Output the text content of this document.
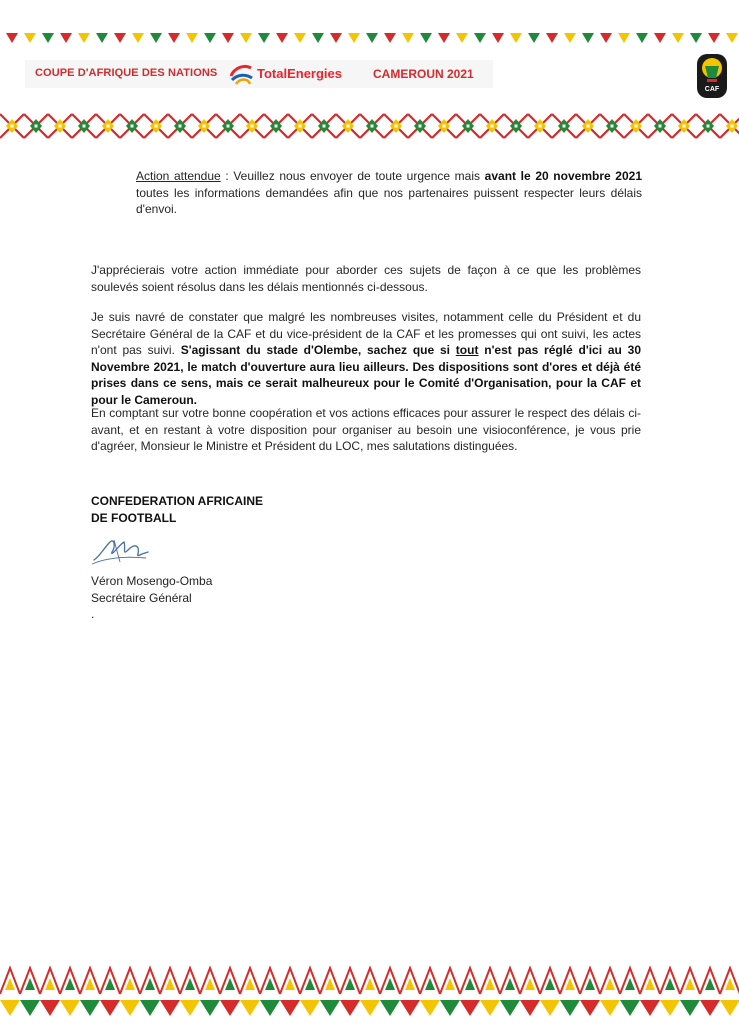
COUPE D'AFRIQUE DES NATIONS	TotalEnergies	CAMEROUN 2021
CAF

Action attendue : Veuillez nous envoyer de toute urgence mais avant le 20 novembre 2021 toutes les informations demandées afin que nos partenaires puissent respecter leurs délais d'envoi.

J'apprécierais votre action immédiate pour aborder ces sujets de façon à ce que les problèmes soulevés soient résolus dans les délais mentionnés ci-dessous.

Je suis navré de constater que malgré les nombreuses visites, notamment celle du Président et du Secrétaire Général de la CAF et du vice-président de la CAF et les promesses qui ont suivi, les actes n'ont pas suivi. S'agissant du stade d'Olembe, sachez que si tout n'est pas réglé d'ici au 30 Novembre 2021, le match d'ouverture aura lieu ailleurs. Des dispositions sont d'ores et déjà été prises dans ce sens, mais ce serait malheureux pour le Comité d'Organisation, pour la CAF et pour le Cameroun.

En comptant sur votre bonne coopération et vos actions efficaces pour assurer le respect des délais ci-avant, et en restant à votre disposition pour organiser au besoin une visioconférence, je vous prie d'agréer, Monsieur le Ministre et Président du LOC, mes salutations distinguées.

CONFEDERATION AFRICAINE
DE FOOTBALL
Véron Mosengo-Omba
Secrétaire Général
.
